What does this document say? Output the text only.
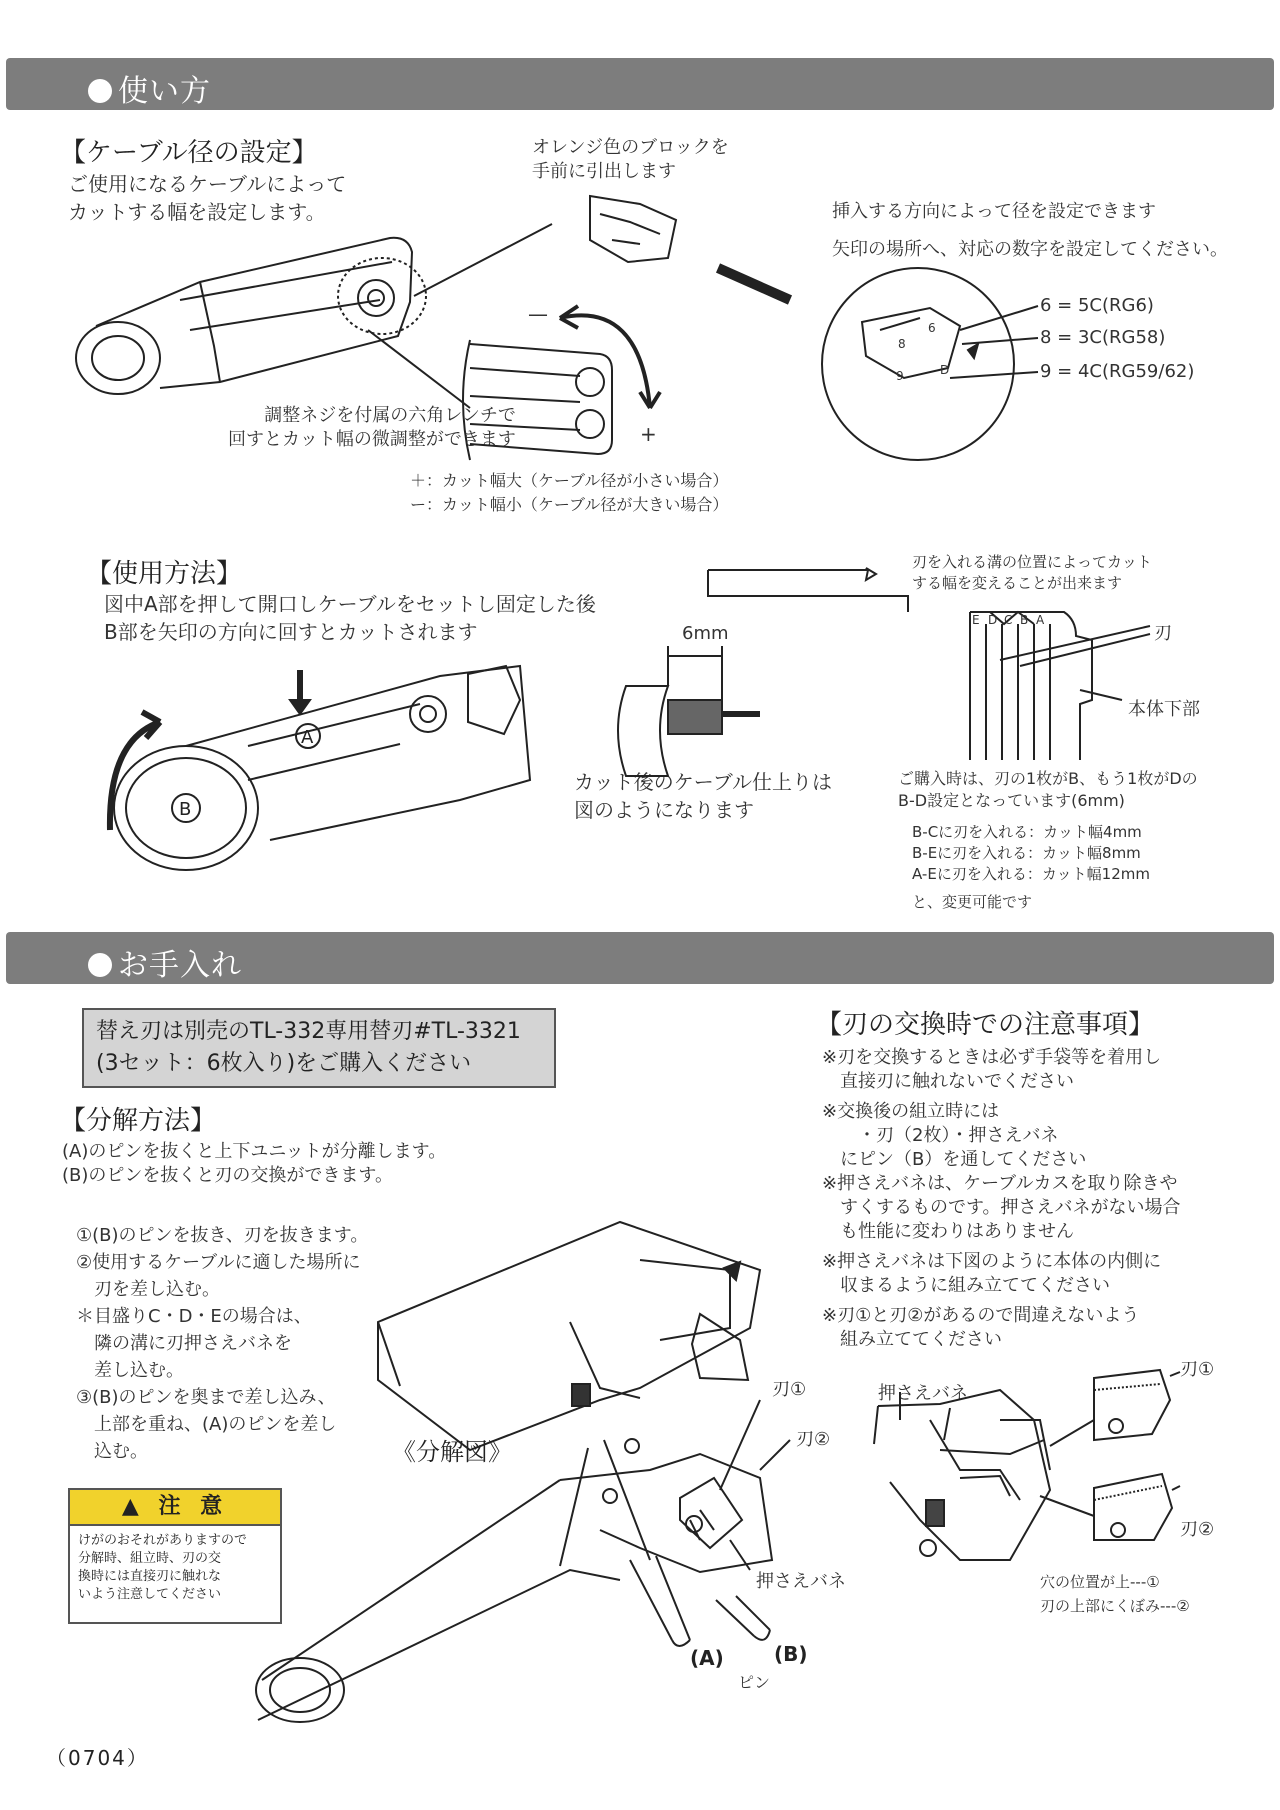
使い方
【ケーブル径の設定】
ご使用になるケーブルによって
カットする幅を設定します。
オレンジ色のブロックを
手前に引出します
調整ネジを付属の六角レンチで
回すとカット幅の微調整ができます
＋：カット幅大（ケーブル径が小さい場合）
ー：カット幅小（ケーブル径が大きい場合）
—
+
挿入する方向によって径を設定できます
矢印の場所へ、対応の数字を設定してください。
6 = 5C(RG6)
8 = 3C(RG58)
9 = 4C(RG59/62)
【使用方法】
図中A部を押して開口しケーブルをセットし固定した後
B部を矢印の方向に回すとカットされます	6mm
カット後のケーブル仕上りは
図のようになります
刃を入れる溝の位置によってカット
する幅を変えることが出来ます
刃
本体下部
ご購入時は、刃の1枚がB、もう1枚がDの
B-D設定となっています(6mm)
B-Cに刃を入れる：カット幅4mm
B-Eに刃を入れる：カット幅8mm
A-Eに刃を入れる：カット幅12mm
と、変更可能です
お手入れ
替え刃は別売のTL-332専用替刃#TL-3321
(3セット：6枚入り)をご購入ください
【分解方法】
(A)のピンを抜くと上下ユニットが分離します。
(B)のピンを抜くと刃の交換ができます。
①(B)のピンを抜き、刃を抜きます。
②使用するケーブルに適した場所に
　刃を差し込む。
＊目盛りC・D・Eの場合は、
　隣の溝に刃押さえバネを
　差し込む。
③(B)のピンを奥まで差し込み、
　上部を重ね、(A)のピンを差し
　込む。	《分解図》
刃①
刃②
押さえバネ
(A)	(B)
ピン
▲ 注 意
けがのおそれがありますので
分解時、組立時、刃の交
換時には直接刃に触れな
いよう注意してください
【刃の交換時での注意事項】
※刃を交換するときは必ず手袋等を着用し
　直接刃に触れないでください
※交換後の組立時には
　　・刃（2枚）・押さえバネ
　にピン（B）を通してください
※押さえバネは、ケーブルカスを取り除きや
　すくするものです。押さえバネがない場合
　も性能に変わりはありません
※押さえバネは下図のように本体の内側に
　収まるように組み立ててください
※刃①と刃②があるので間違えないよう
　組み立ててください
押さえバネ
刃①
刃②
穴の位置が上---①
刃の上部にくぼみ---②
（0704）
8
6
9	D
E D C B A
A
B
